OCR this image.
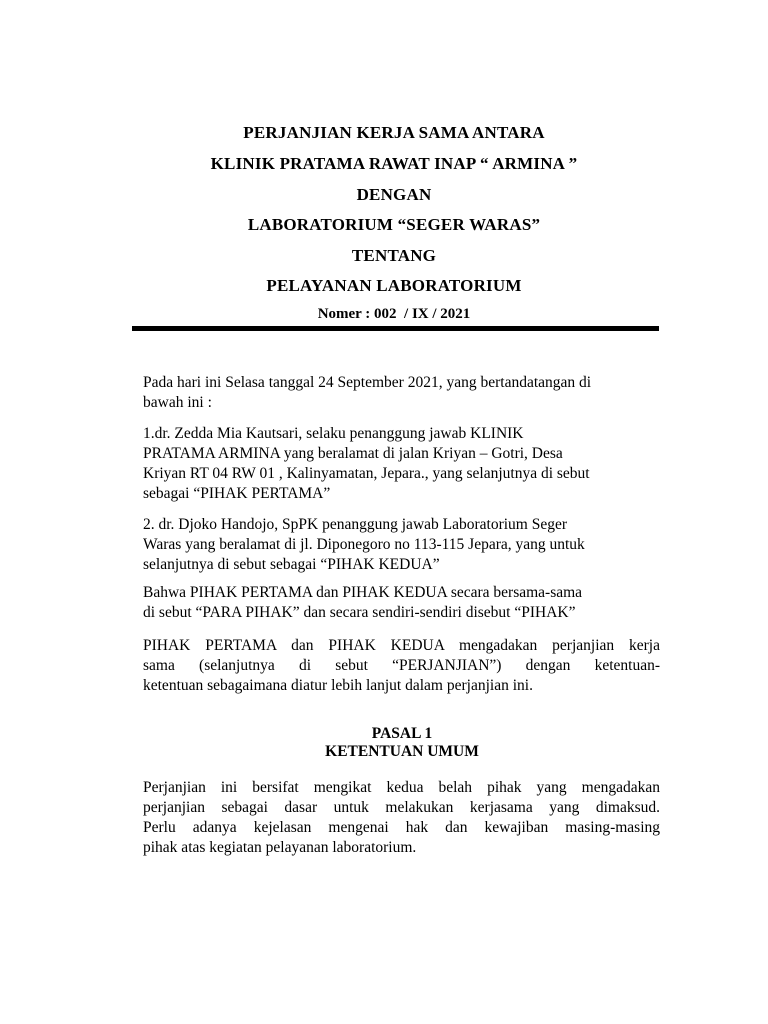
PERJANJIAN KERJA SAMA ANTARA
KLINIK PRATAMA RAWAT INAP “ ARMINA ”
DENGAN
LABORATORIUM “SEGER WARAS”
TENTANG
PELAYANAN LABORATORIUM
Nomer : 002  / IX / 2021
Pada hari ini Selasa tanggal 24 September 2021, yang bertandatangan di
bawah ini :
1.dr. Zedda Mia Kautsari, selaku penanggung jawab KLINIK
PRATAMA ARMINA yang beralamat di jalan Kriyan – Gotri, Desa
Kriyan RT 04 RW 01 , Kalinyamatan, Jepara., yang selanjutnya di sebut
sebagai “PIHAK PERTAMA”
2. dr. Djoko Handojo, SpPK penanggung jawab Laboratorium Seger
Waras yang beralamat di jl. Diponegoro no 113-115 Jepara, yang untuk
selanjutnya di sebut sebagai “PIHAK KEDUA”
Bahwa PIHAK PERTAMA dan PIHAK KEDUA secara bersama-sama
di sebut “PARA PIHAK” dan secara sendiri-sendiri disebut “PIHAK”
PIHAK PERTAMA dan PIHAK KEDUA mengadakan perjanjian kerja
sama (selanjutnya di sebut “PERJANJIAN”) dengan ketentuan-
ketentuan sebagaimana diatur lebih lanjut dalam perjanjian ini.
PASAL 1
KETENTUAN UMUM
Perjanjian ini bersifat mengikat kedua belah pihak yang mengadakan
perjanjian sebagai dasar untuk melakukan kerjasama yang dimaksud.
Perlu adanya kejelasan mengenai hak dan kewajiban masing-masing
pihak atas kegiatan pelayanan laboratorium.
